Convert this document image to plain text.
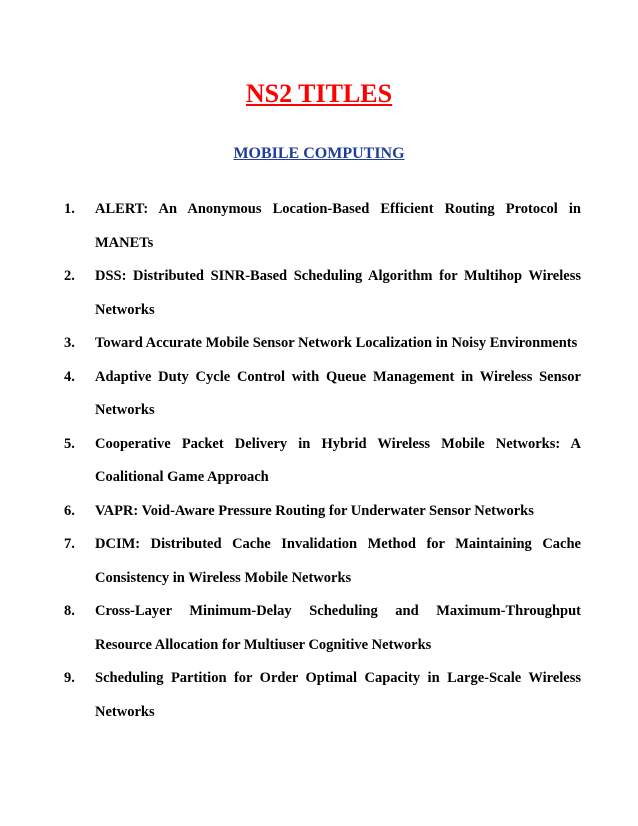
NS2 TITLES
MOBILE COMPUTING
1.	ALERT: An Anonymous Location-Based Efficient Routing Protocol in MANETs
2.	DSS: Distributed SINR-Based Scheduling Algorithm for Multihop Wireless Networks
3.	Toward Accurate Mobile Sensor Network Localization in Noisy Environments
4.	Adaptive Duty Cycle Control with Queue Management in Wireless Sensor Networks
5.	Cooperative Packet Delivery in Hybrid Wireless Mobile Networks: A Coalitional Game Approach
6.	VAPR: Void-Aware Pressure Routing for Underwater Sensor Networks
7.	DCIM: Distributed Cache Invalidation Method for Maintaining Cache Consistency in Wireless Mobile Networks
8.	Cross-Layer Minimum-Delay Scheduling and Maximum-Throughput Resource Allocation for Multiuser Cognitive Networks
9.	Scheduling Partition for Order Optimal Capacity in Large-Scale Wireless Networks
